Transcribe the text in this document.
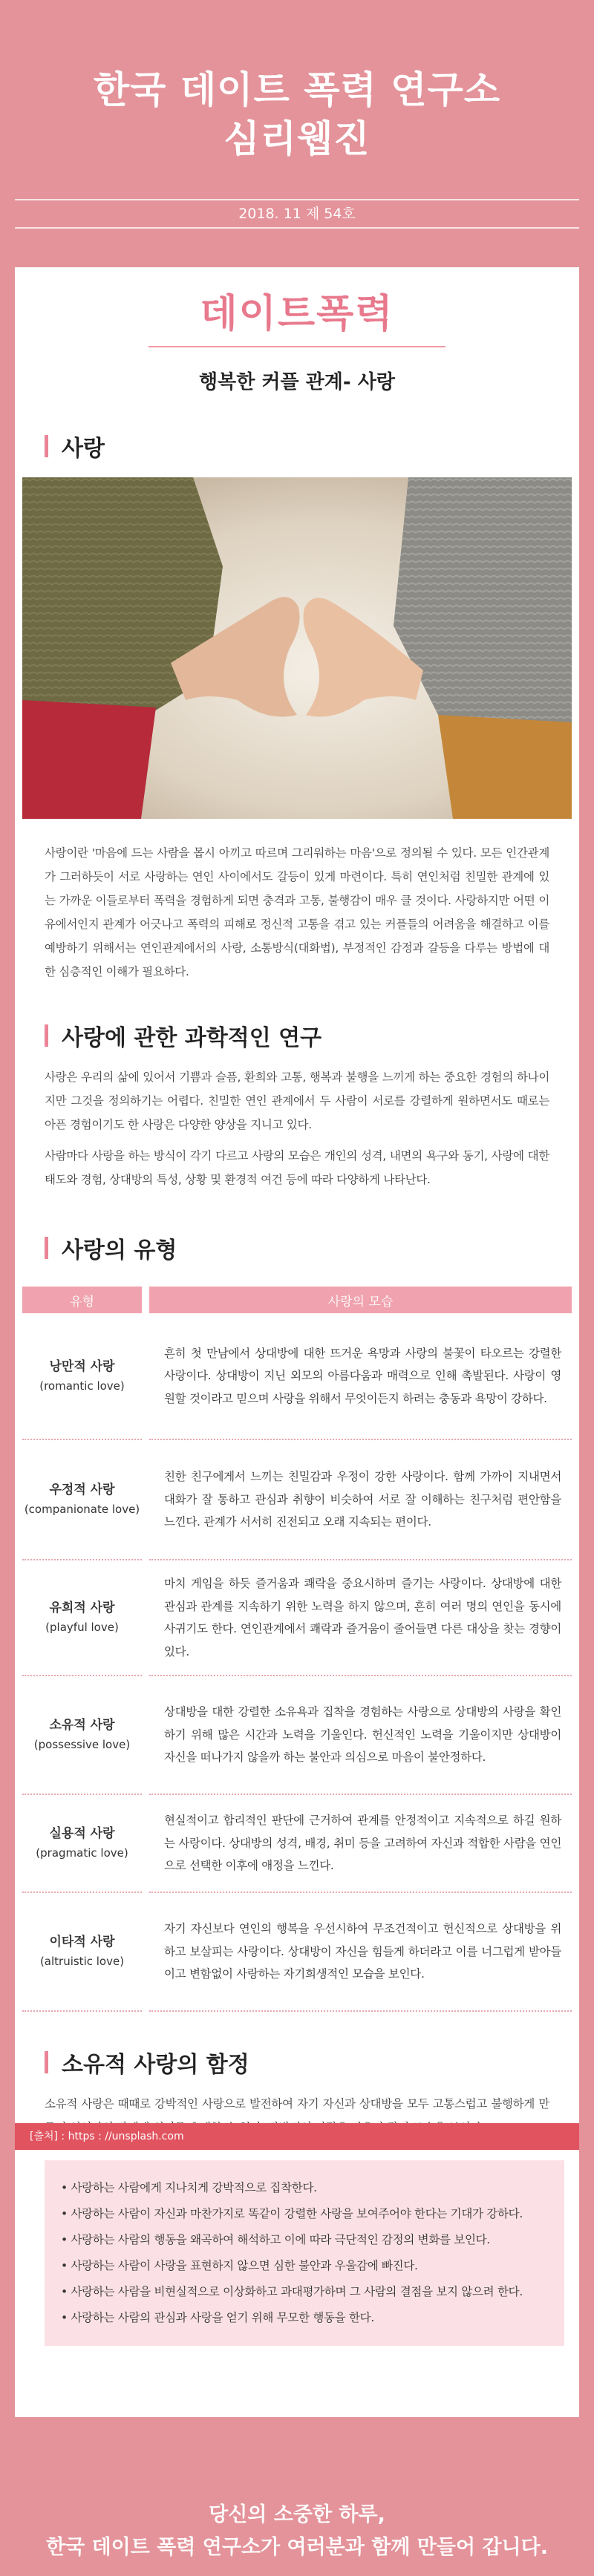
한국 데이트 폭력 연구소
심리웹진
2018. 11 제 54호
데이트폭력
행복한 커플 관계- 사랑
사랑

사랑이란 '마음에 드는 사람을 몹시 아끼고 따르며 그리워하는 마음'으로 정의될 수 있다. 모든 인간관계가 그러하듯이 서로 사랑하는 연인 사이에서도 갈등이 있게 마련이다. 특히 연인처럼 친밀한 관계에 있는 가까운 이들로부터 폭력을 경험하게 되면 충격과 고통, 불행감이 매우 클 것이다. 사랑하지만 어떤 이유에서인지 관계가 어긋나고 폭력의 피해로 정신적 고통을 겪고 있는 커플들의 어려움을 해결하고 이를 예방하기 위해서는 연인관계에서의 사랑, 소통방식(대화법), 부정적인 감정과 갈등을 다루는 방법에 대한 심층적인 이해가 필요하다.

사랑에 관한 과학적인 연구

사랑은 우리의 삶에 있어서 기쁨과 슬픔, 환희와 고통, 행복과 불행을 느끼게 하는 중요한 경험의 하나이지만 그것을 정의하기는 어렵다. 친밀한 연인 관계에서 두 사람이 서로를 강렬하게 원하면서도 때로는 아픈 경험이기도 한 사랑은 다양한 양상을 지니고 있다.

사람마다 사랑을 하는 방식이 각기 다르고 사랑의 모습은 개인의 성격, 내면의 욕구와 동기, 사랑에 대한 태도와 경험, 상대방의 특성, 상황 및 환경적 여건 등에 따라 다양하게 나타난다.

사랑의 유형
유형	사랑의 모습
낭만적 사랑
(romantic love)	흔히 첫 만남에서 상대방에 대한 뜨거운 욕망과 사랑의 불꽃이 타오르는 강렬한 사랑이다. 상대방이 지닌 외모의 아름다움과 매력으로 인해 촉발된다. 사랑이 영원할 것이라고 믿으며 사랑을 위해서 무엇이든지 하려는 충동과 욕망이 강하다.
우정적 사랑
(companionate love)	친한 친구에게서 느끼는 친밀감과 우정이 강한 사랑이다. 함께 가까이 지내면서 대화가 잘 통하고 관심과 취향이 비슷하여 서로 잘 이해하는 친구처럼 편안함을 느낀다. 관계가 서서히 진전되고 오래 지속되는 편이다.
유희적 사랑
(playful love)	마치 게임을 하듯 즐거움과 쾌락을 중요시하며 즐기는 사랑이다. 상대방에 대한 관심과 관계를 지속하기 위한 노력을 하지 않으며, 흔히 여러 명의 연인을 동시에 사귀기도 한다. 연인관계에서 쾌락과 즐거움이 줄어들면 다른 대상을 찾는 경향이 있다.
소유적 사랑
(possessive love)	상대방을 대한 강렬한 소유욕과 집착을 경험하는 사랑으로 상대방의 사랑을 확인하기 위해 많은 시간과 노력을 기울인다. 헌신적인 노력을 기울이지만 상대방이 자신을 떠나가지 않을까 하는 불안과 의심으로 마음이 불안정하다.
실용적 사랑
(pragmatic love)	현실적이고 합리적인 판단에 근거하여 관계를 안정적이고 지속적으로 하길 원하는 사랑이다. 상대방의 성격, 배경, 취미 등을 고려하여 자신과 적합한 사람을 연인으로 선택한 이후에 애정을 느낀다.
이타적 사랑
(altruistic love)	자기 자신보다 연인의 행복을 우선시하여 무조건적이고 헌신적으로 상대방을 위하고 보살피는 사랑이다. 상대방이 자신을 힘들게 하더라고 이를 너그럽게 받아들이고 변함없이 사랑하는 자기희생적인 모습을 보인다.
소유적 사랑의 함정

소유적 사랑은 때때로 강박적인 사랑으로 발전하여 자기 자신과 상대방을 모두 고통스럽고 불행하게 만

• 사랑하는 사람에게 지나치게 강박적으로 집착한다.
• 사랑하는 사람이 자신과 마찬가지로 똑같이 강렬한 사랑을 보여주어야 한다는 기대가 강하다.
• 사랑하는 사람의 행동을 왜곡하여 해석하고 이에 따라 극단적인 감정의 변화를 보인다.
• 사랑하는 사람이 사랑을 표현하지 않으면 심한 불안과 우울감에 빠진다.
• 사랑하는 사람을 비현실적으로 이상화하고 과대평가하며 그 사람의 결점을 보지 않으려 한다.
• 사랑하는 사람의 관심과 사랑을 얻기 위해 무모한 행동을 한다.
[출처] : https : //unsplash.com
당신의 소중한 하루,
한국 데이트 폭력 연구소가 여러분과 함께 만들어 갑니다.
